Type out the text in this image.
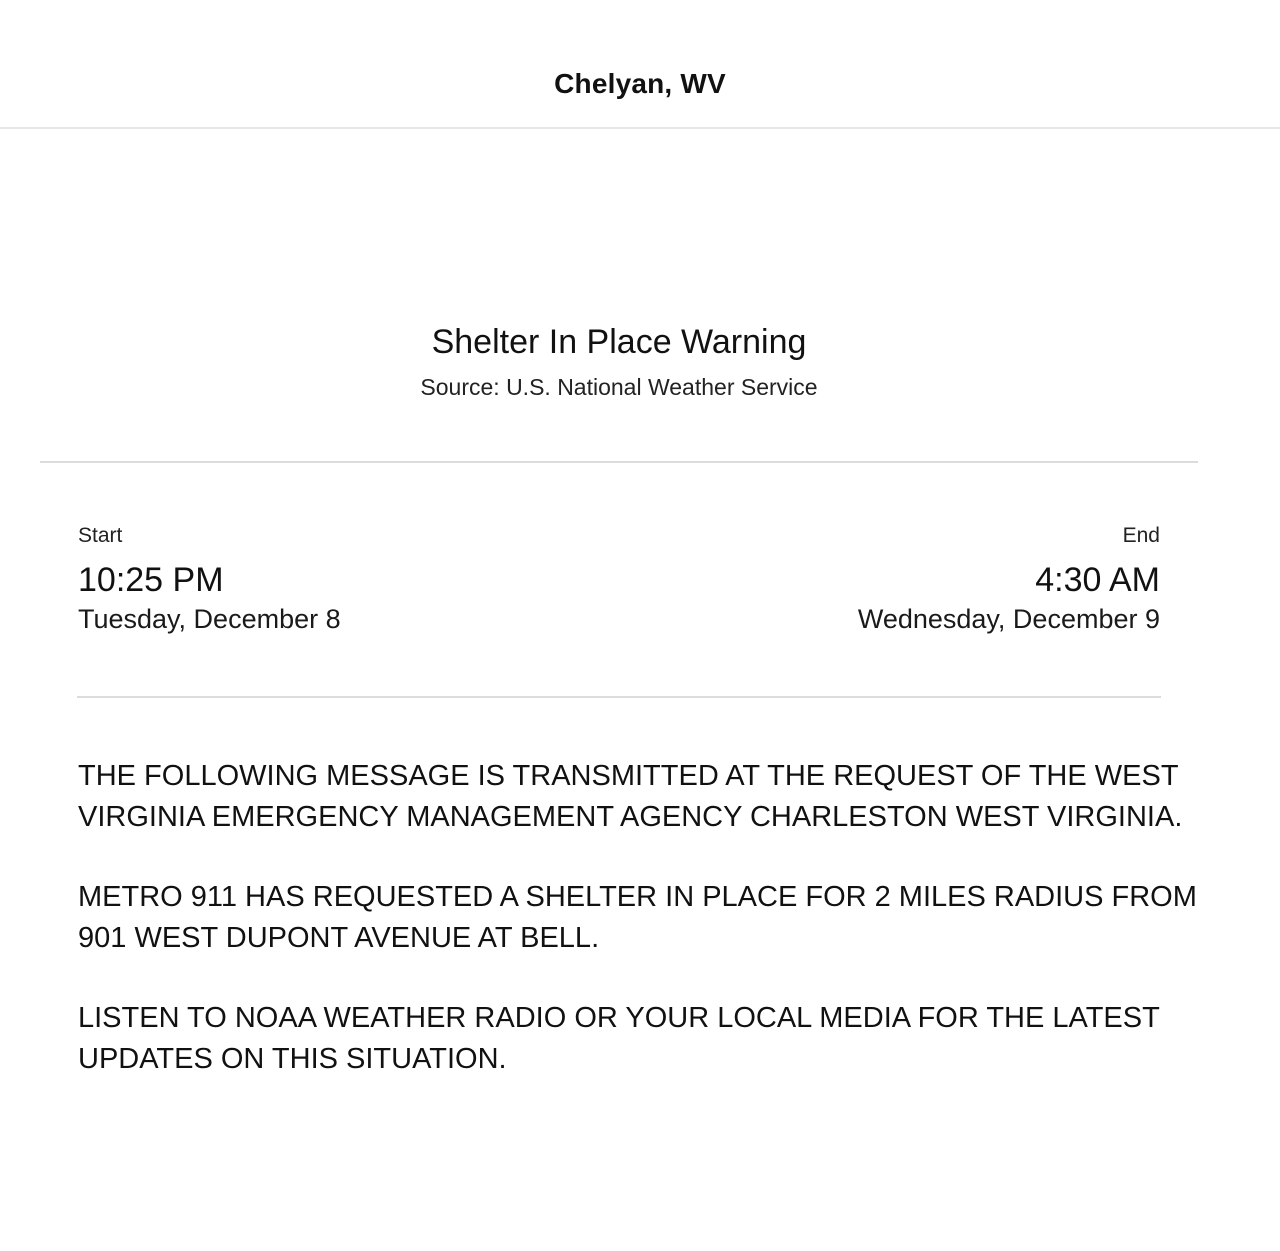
Chelyan, WV
Shelter In Place Warning
Source: U.S. National Weather Service
Start
10:25 PM
Tuesday, December 8
End
4:30 AM
Wednesday, December 9

THE FOLLOWING MESSAGE IS TRANSMITTED AT THE REQUEST OF THE WEST VIRGINIA EMERGENCY MANAGEMENT AGENCY CHARLESTON WEST VIRGINIA.

METRO 911 HAS REQUESTED A SHELTER IN PLACE FOR 2 MILES RADIUS FROM 901 WEST DUPONT AVENUE AT BELL.

LISTEN TO NOAA WEATHER RADIO OR YOUR LOCAL MEDIA FOR THE LATEST UPDATES ON THIS SITUATION.
